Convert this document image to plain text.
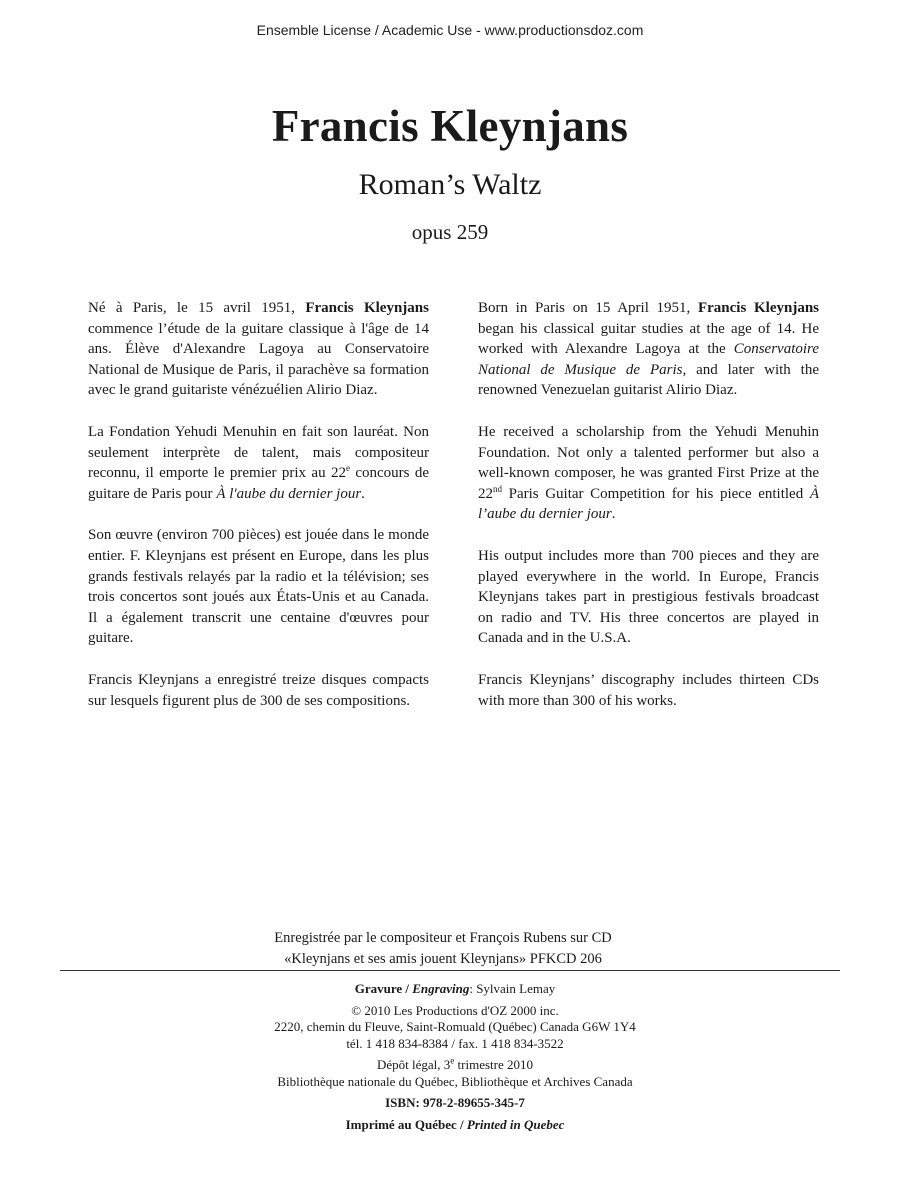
Ensemble License / Academic Use - www.productionsdoz.com
Francis Kleynjans
Roman’s Waltz
opus 259

Né à Paris, le 15 avril 1951, Francis Kleynjans commence l’étude de la guitare classique à l'âge de 14 ans. Élève d'Alexandre Lagoya au Conservatoire National de Musique de Paris, il parachève sa formation avec le grand guitariste vénézuélien Alirio Diaz.

La Fondation Yehudi Menuhin en fait son lauréat. Non seulement interprète de talent, mais compositeur reconnu, il emporte le premier prix au 22e concours de guitare de Paris pour À l'aube du dernier jour.

Son œuvre (environ 700 pièces) est jouée dans le monde entier. F. Kleynjans est présent en Europe, dans les plus grands festivals relayés par la radio et la télévision; ses trois concertos sont joués aux États-Unis et au Canada. Il a également transcrit une centaine d'œuvres pour guitare.

Francis Kleynjans a enregistré treize disques compacts sur lesquels figurent plus de 300 de ses compositions.

Born in Paris on 15 April 1951, Francis Kleynjans began his classical guitar studies at the age of 14. He worked with Alexandre Lagoya at the Conservatoire National de Musique de Paris, and later with the renowned Venezuelan guitarist Alirio Diaz.

He received a scholarship from the Yehudi Menuhin Foundation. Not only a talented performer but also a well-known composer, he was granted First Prize at the 22nd Paris Guitar Competition for his piece entitled À l’aube du dernier jour.

His output includes more than 700 pieces and they are played everywhere in the world. In Europe, Francis Kleynjans takes part in prestigious festivals broadcast on radio and TV. His three concertos are played in Canada and in the U.S.A.

Francis Kleynjans’ discography includes thirteen CDs with more than 300 of his works.

Enregistrée par le compositeur et François Rubens sur CD
«Kleynjans et ses amis jouent Kleynjans» PFKCD 206
Gravure / Engraving: Sylvain Lemay
© 2010 Les Productions d'OZ 2000 inc.
2220, chemin du Fleuve, Saint-Romuald (Québec) Canada G6W 1Y4
tél. 1 418 834-8384 / fax. 1 418 834-3522
Dépôt légal, 3e trimestre 2010
Bibliothèque nationale du Québec, Bibliothèque et Archives Canada
ISBN: 978-2-89655-345-7
Imprimé au Québec / Printed in Quebec
